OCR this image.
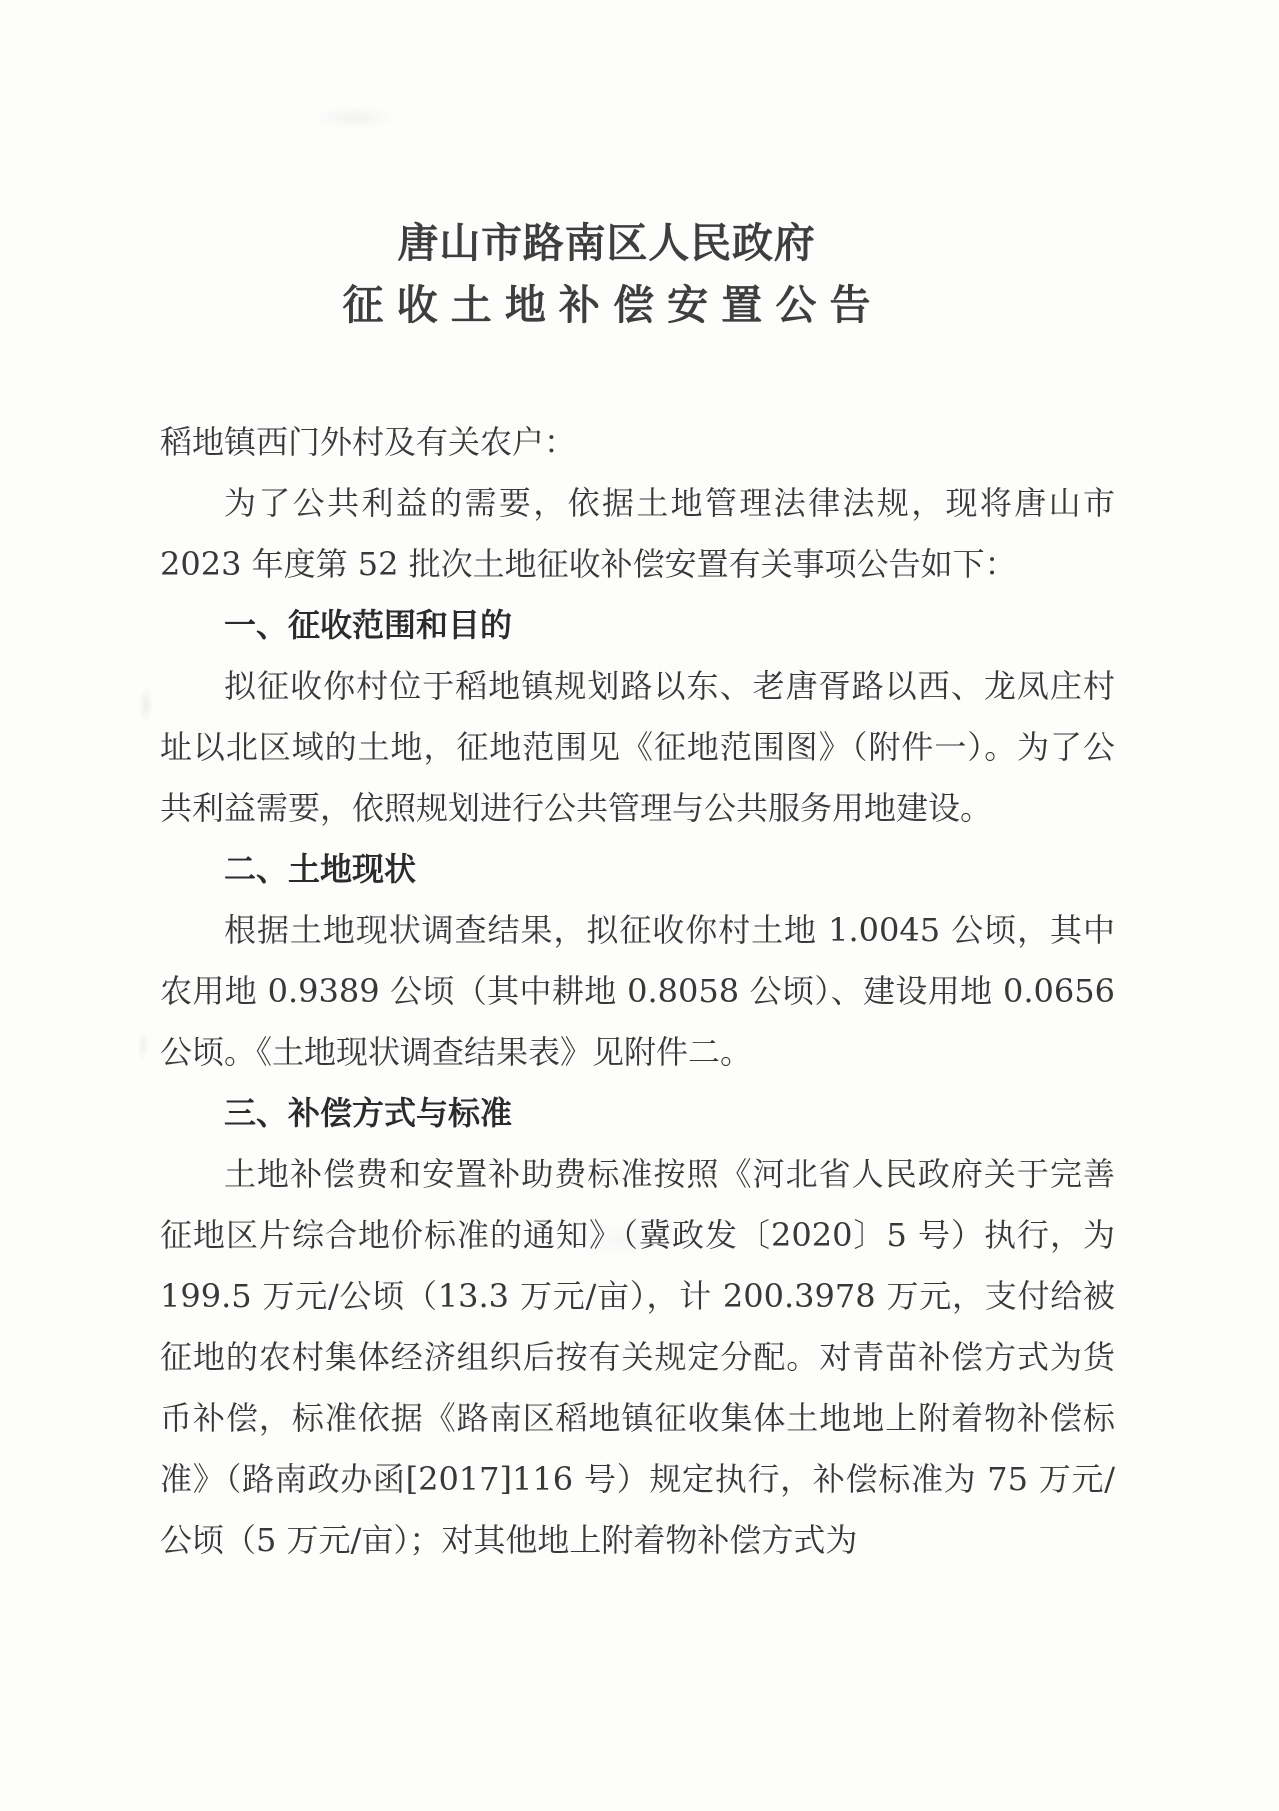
唐山市路南区人民政府
征收土地补偿安置公告

稻地镇西门外村及有关农户：

为了公共利益的需要，依据土地管理法律法规，现将唐山市 2023 年度第 52 批次土地征收补偿安置有关事项公告如下：

一、征收范围和目的

拟征收你村位于稻地镇规划路以东、老唐胥路以西、龙凤庄村址以北区域的土地，征地范围见《征地范围图》（附件一）。为了公共利益需要，依照规划进行公共管理与公共服务用地建设。

二、土地现状

根据土地现状调查结果，拟征收你村土地 1.0045 公顷，其中农用地 0.9389 公顷（其中耕地 0.8058 公顷）、建设用地 0.0656 公顷。《土地现状调查结果表》见附件二。

三、补偿方式与标准

土地补偿费和安置补助费标准按照《河北省人民政府关于完善征地区片综合地价标准的通知》（冀政发〔2020〕5 号）执行，为 199.5 万元/公顷（13.3 万元/亩），计 200.3978 万元，支付给被征地的农村集体经济组织后按有关规定分配。对青苗补偿方式为货币补偿，标准依据《路南区稻地镇征收集体土地地上附着物补偿标准》（路南政办函[2017]116 号）规定执行，补偿标准为 75 万元/公顷（5 万元/亩）；对其他地上附着物补偿方式为
